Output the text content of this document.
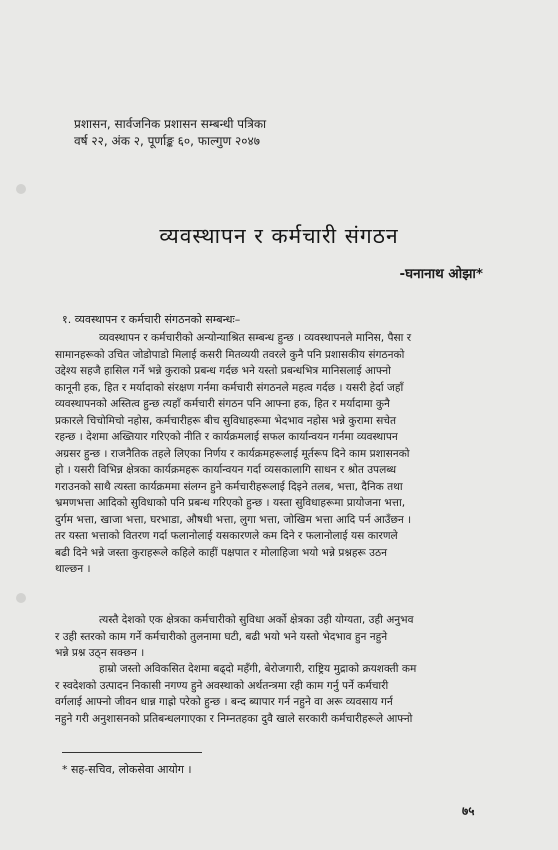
प्रशासन, सार्वजनिक प्रशासन सम्बन्धी पत्रिका
वर्ष २२, अंक २, पूर्णाङ्क ६०, फाल्गुण २०४७
व्यवस्थापन र कर्मचारी संगठन
-घनानाथ ओझा*
१. व्यवस्थापन र कर्मचारी संगठनको सम्बन्धः–
व्यवस्थापन र कर्मचारीको अन्योन्याश्रित सम्बन्ध हुन्छ । व्यवस्थापनले मानिस, पैसा र
सामानहरूको उचित जोडोपाडो मिलाई कसरी मितव्ययी तवरले कुनै पनि प्रशासकीय संगठनको
उद्देश्य सहजै हासिल गर्ने भन्ने कुराको प्रबन्ध गर्दछ भने यस्तो प्रबन्धभित्र मानिसलाई आफ्नो
कानूनी हक, हित र मर्यादाको संरक्षण गर्नमा कर्मचारी संगठनले महत्व गर्दछ । यसरी हेर्दा जहाँ
व्यवस्थापनको अस्तित्व हुन्छ त्यहाँ कर्मचारी संगठन पनि आफ्ना हक, हित र मर्यादामा कुनै
प्रकारले चिचोमिचो नहोस, कर्मचारीहरू बीच सुविधाहरूमा भेदभाव नहोस भन्ने कुरामा सचेत
रहन्छ । देशमा अख्तियार गरिएको नीति र कार्यक्रमलाई सफल कार्यान्वयन गर्नमा व्यवस्थापन
अग्रसर हुन्छ । राजनैतिक तहले लिएका निर्णय र कार्यक्रमहरूलाई मूर्तरूप दिने काम प्रशासनको
हो । यसरी विभिन्न क्षेत्रका कार्यक्रमहरू कार्यान्वयन गर्दा व्यसकालागि साधन र श्रोत उपलब्ध
गराउनको साथै त्यस्ता कार्यक्रममा संलग्न हुने कर्मचारीहरूलाई दिइने तलब, भत्ता, दैनिक तथा
भ्रमणभत्ता आदिको सुविधाको पनि प्रबन्ध गरिएको हुन्छ । यस्ता सुविधाहरूमा प्रायोजना भत्ता,
दुर्गम भत्ता, खाजा भत्ता, घरभाडा, औषधी भत्ता, लुगा भत्ता, जोखिम भत्ता आदि पर्न आउँछन ।
तर यस्ता भत्ताको वितरण गर्दा फलानोलाई यसकारणले कम दिने र फलानोलाई यस कारणले
बढी दिने भन्ने जस्ता कुराहरूले कहिले काहीं पक्षपात र मोलाहिजा भयो भन्ने प्रश्नहरू उठन
थाल्छन ।
त्यस्तै देशको एक क्षेत्रका कर्मचारीको सुविधा अर्को क्षेत्रका उही योग्यता, उही अनुभव
र उही स्तरको काम गर्ने कर्मचारीको तुलनामा घटी, बढी भयो भने यस्तो भेदभाव हुन नहुने
भन्ने प्रश्न उठ्न सक्छन ।
हाम्रो जस्तो अविकसित देशमा बढ्दो महँगी, बेरोजगारी, राष्ट्रिय मुद्राको क्रयशक्ती कम
र स्वदेशको उत्पादन निकासी नगण्य हुने अवस्थाको अर्थतन्त्रमा रही काम गर्नु पर्ने कर्मचारी
वर्गलाई आफ्नो जीवन धान्न गाह्रो परेको हुन्छ । बन्द ब्यापार गर्न नहुने वा अरू व्यवसाय गर्न
नहुने गरी अनुशासनको प्रतिबन्धलगाएका र निम्नतहका दुवै खाले सरकारी कर्मचारीहरूले आफ्नो
* सह-सचिव, लोकसेवा आयोग ।
७५
